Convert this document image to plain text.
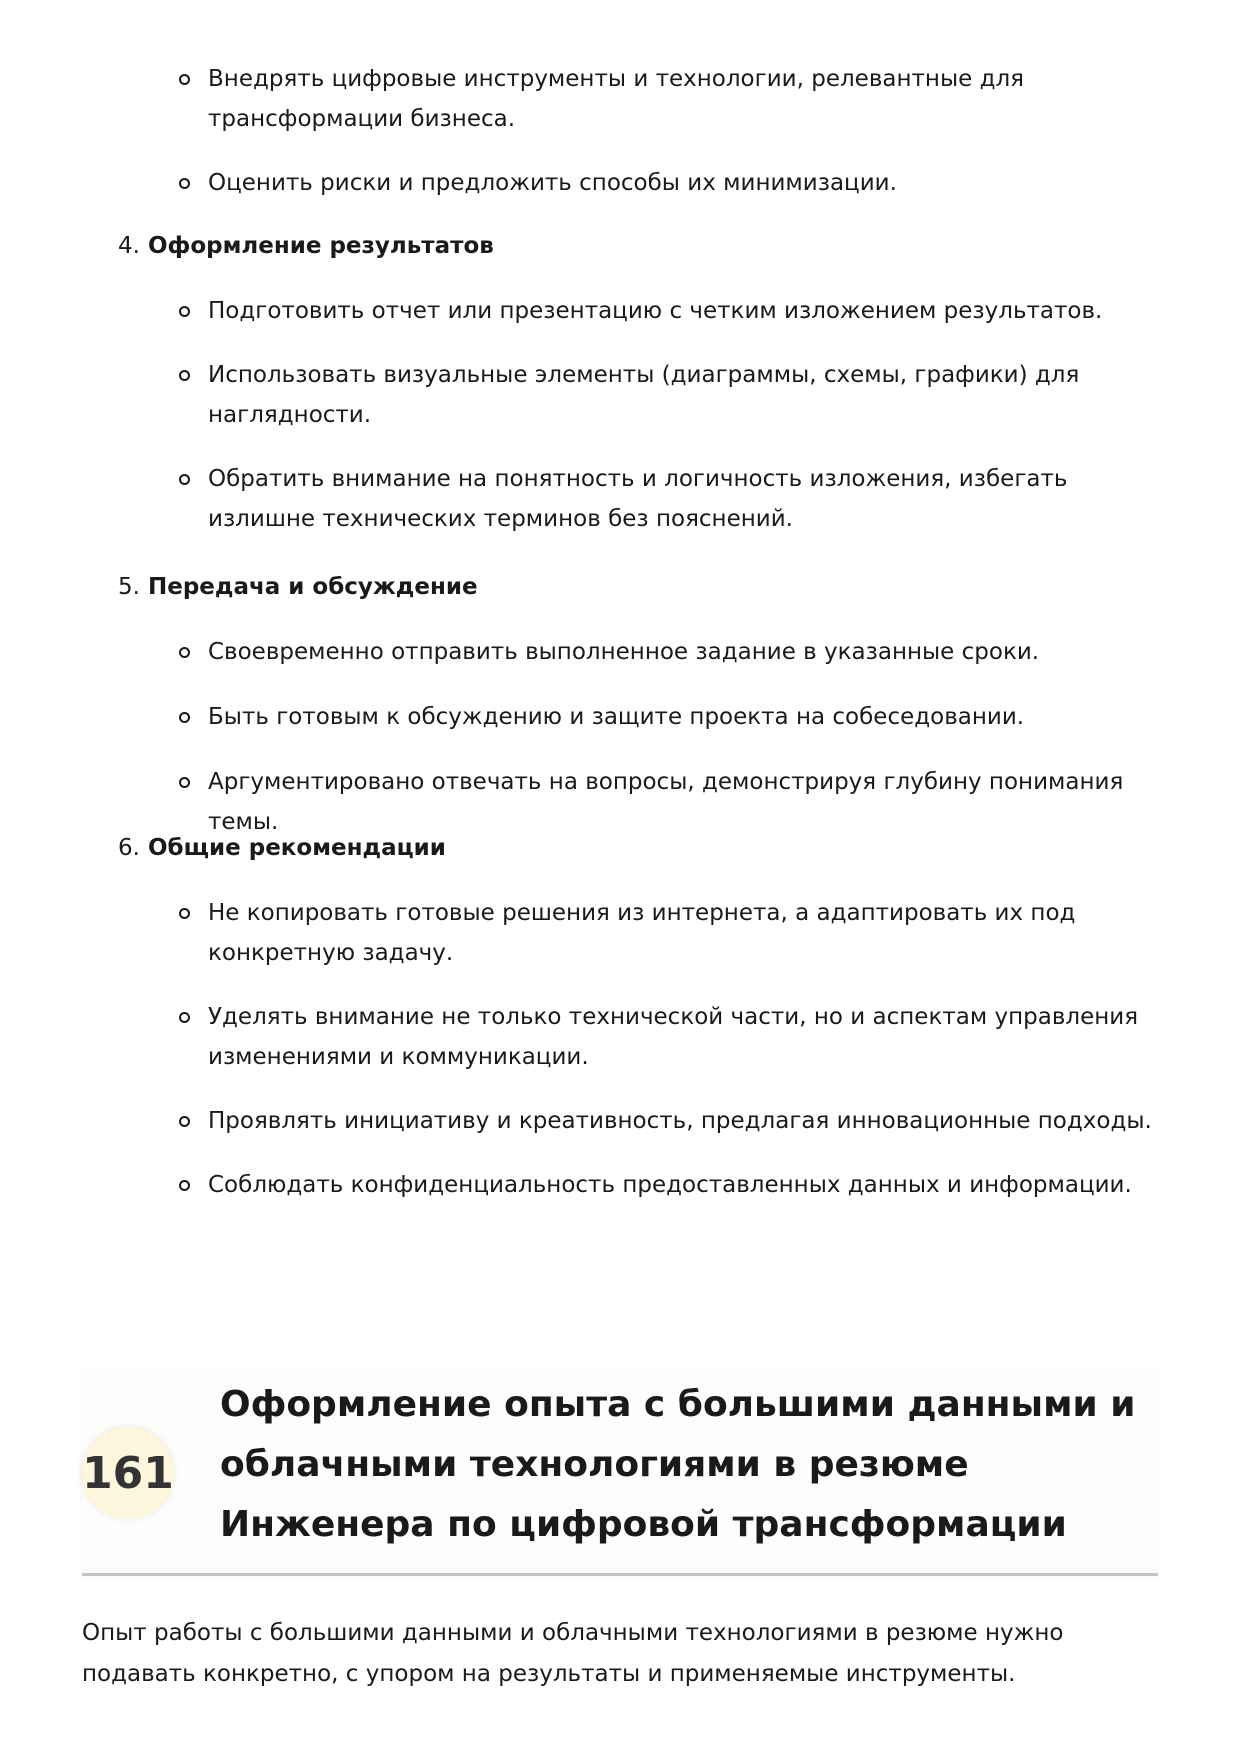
Внедрять цифровые инструменты и технологии, релевантные для трансформации бизнеса.
Оценить риски и предложить способы их минимизации.
4. Оформление результатов
Подготовить отчет или презентацию с четким изложением результатов.
Использовать визуальные элементы (диаграммы, схемы, графики) для наглядности.
Обратить внимание на понятность и логичность изложения, избегать излишне технических терминов без пояснений.
5. Передача и обсуждение
Своевременно отправить выполненное задание в указанные сроки.
Быть готовым к обсуждению и защите проекта на собеседовании.
Аргументировано отвечать на вопросы, демонстрируя глубину понимания темы.
6. Общие рекомендации
Не копировать готовые решения из интернета, а адаптировать их под конкретную задачу.
Уделять внимание не только технической части, но и аспектам управления изменениями и коммуникации.
Проявлять инициативу и креативность, предлагая инновационные подходы.
Соблюдать конфиденциальность предоставленных данных и информации.
161
Оформление опыта с большими данными и облачными технологиями в резюме Инженера по цифровой трансформации

Опыт работы с большими данными и облачными технологиями в резюме нужно подавать конкретно, с упором на результаты и применяемые инструменты.
